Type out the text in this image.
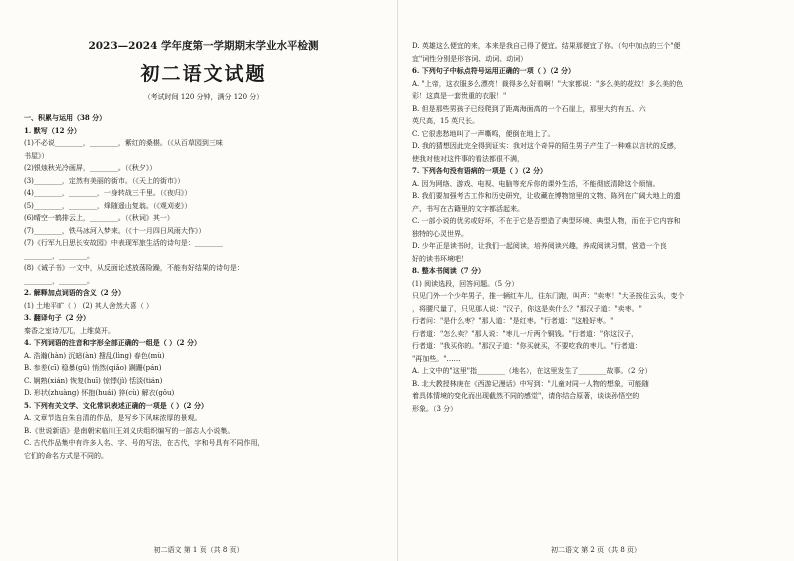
2023—2024 学年度第一学期期末学业水平检测
初二语文试题
（考试时间 120 分钟，满分 120 分）
一、积累与运用（38 分）
1. 默写（12 分）
(1)不必说________，________，紫红的桑椹。（《从百草园到三味
书屋》）
(2)银烛秋光冷画屏，________。（《秋夕》）
(3)________，定然有美丽的街市。（《天上的街市》）
(4)________，________，一身转战三千里。（《夜归》）
(5)________，________，烽随遥山复翁。（《观刈麦》）
(6)晴空一鹤排云上，________。（《秋词》其一）
(7)________，铁马冰河入梦来。（《十一月四日风雨大作》）
(7)《行军九日思长安故园》中表现军旅生活的诗句是：________
________，________。
(8)《诫子书》一文中，从反面论述放荡险躁，不能有好结果的诗句是：
________，________。
2. 解释加点词语的含义（2 分）
(1) 土地平旷（ ） (2) 其人舍然大喜（ ）
3. 翻译句子（2 分）
秦香之室诗兀兀，上维莫开。
4. 下列词语的注音和字形全部正确的一组是（ ）（2 分）
A. 浩瀚(hàn) 沉暗(àn) 搜乱(lìng) 春色(mù)
B. 参差(cī) 稳暴(gǔ) 悄然(qiǎo) 蹒跚(pán)
C. 娴熟(xián) 恢复(huī) 惊悸(jì) 恬淡(tián)
D. 形状(zhuàng) 怀抱(huái) 猝(cù) 解衣(gǒu)
5. 下列有关文学、文化常识表述正确的一项是（ ）（2 分）
A. 文章节选自朱自清的作品，是写乡下风味浓厚的景观。
B.《世说新语》是南朝宋临川王刘义庆组织编写的一部志人小说集。
C. 古代作品集中有许多人名、字、号的写法，在古代，字和号具有不同作用，
它们的命名方式是不同的。
初二语文 第 1 页（共 8 页）
D. 英雄这么便宜的来，本来是我自己得了便宜。结果那便宜了你。（句中加点的三个"便
宜"词性分别是形容词、动词、动词）
6. 下列句子中标点符号运用正确的一项（ ）（2 分）
A. "上帝，这衣服多么漂亮！裁得多么好看啊！"大家都说："多么美的花纹！多么美的色
彩！这真是一套贵重的衣服！"
B. 但是那些男孩子已经爬到了距离海面高的一个石崖上，那里大约有五、六
英尺高，15 英尺长。
C. 它很悲愁地叫了一声嘶鸣，便倒在地上了。
D. 我的猜想因此完全得到证实：我对这个奇异的陌生男子产生了一种难以言状的反感，
使我对他对这件事的看法都很不满，
7. 下列各句没有语病的一项是（ ）（2 分）
A. 因为网络、游戏、电视、电脑等充斥你的课外生活，不能彻底清除这个烦恼。
B. 我们要加强考古工作和历史研究，让收藏在博物馆里的文物、陈列在广阔大地上的遗
产、书写在古籍里的文字都活起来。
C. 一部小说的优劣或好坏，不在于它是否塑造了典型环境、典型人物，而在于它内容和
独特的心灵世界。
D. 少年正是读书时，让我们一起阅读，培养阅读兴趣，养成阅读习惯，营造一个良
好的读书环境吧！
8. 整本书阅读（7 分）
(1) 阅读选段，回答问题。（5 分）
只见门外一个少年男子，推一辆红车儿，往东门跑，叫声："卖枣！"大圣按住云头，变个
，将腰尺量了，只见那人说："汉子，你这是卖什么？"那汉子道："卖枣。"
行者问："是什么枣？"那人道："是红枣。"行者道："这般好枣。"
行者道："怎么卖？"那人说："枣儿一斤两个铜钱。"行者道："你这汉子，
行者道："我买你的。"那汉子道："你买就买，不要吃我的枣儿。"行者道：
"再加些。"……
A. 上文中的"这里"指________（地名），在这里发生了________故事。（2 分）
B. 北大教授林庚在《西游记漫话》中写到："儿童对同一人物的想象，可能随
着具体情境的变化而出现截然不同的感觉"，请你结合原著，谈谈孙悟空的
形象。（3 分）
初二语文 第 2 页（共 8 页）
